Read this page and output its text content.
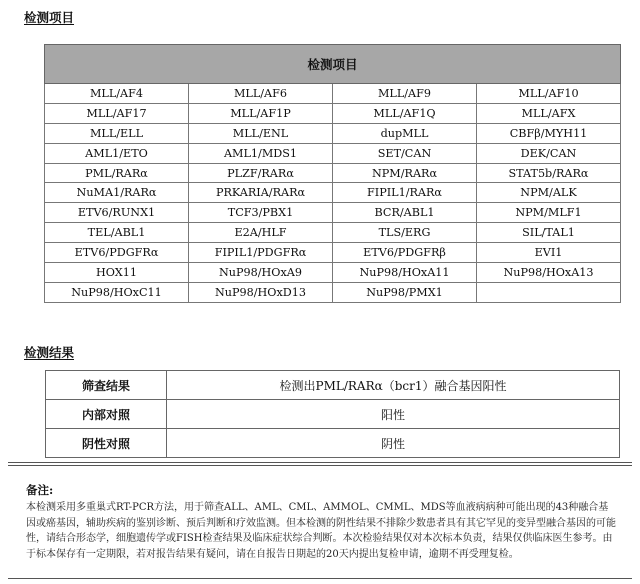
检测项目
检测项目			
MLL/AF4	MLL/AF6	MLL/AF9	MLL/AF10
MLL/AF17	MLL/AF1P	MLL/AF1Q	MLL/AFX
MLL/ELL	MLL/ENL	dupMLL	CBFβ/MYH11
AML1/ETO	AML1/MDS1	SET/CAN	DEK/CAN
PML/RARα	PLZF/RARα	NPM/RARα	STAT5b/RARα
NuMA1/RARα	PRKARIA/RARα	FIPIL1/RARα	NPM/ALK
ETV6/RUNX1	TCF3/PBX1	BCR/ABL1	NPM/MLF1
TEL/ABL1	E2A/HLF	TLS/ERG	SIL/TAL1
ETV6/PDGFRα	FIPIL1/PDGFRα	ETV6/PDGFRβ	EVI1
HOX11	NuP98/HOxA9	NuP98/HOxA11	NuP98/HOxA13
NuP98/HOxC11	NuP98/HOxD13	NuP98/PMX1	
检测结果
筛查结果	检测出PML/RARα（bcr1）融合基因阳性
内部对照	阳性
阴性对照	阴性
备注:
本检测采用多重巢式RT-PCR方法，用于筛查ALL、AML、CML、AMMOL、CMML、MDS等血液病病种可能出现的43种融合基因或癌基因，辅助疾病的鉴别诊断、预后判断和疗效监测。但本检测的阴性结果不排除少数患者具有其它罕见的变异型融合基因的可能性，请结合形态学，细胞遗传学或FISH检查结果及临床症状综合判断。本次检验结果仅对本次标本负责，结果仅供临床医生参考。由于标本保存有一定期限，若对报告结果有疑问，请在自报告日期起的20天内提出复检申请，逾期不再受理复检。
